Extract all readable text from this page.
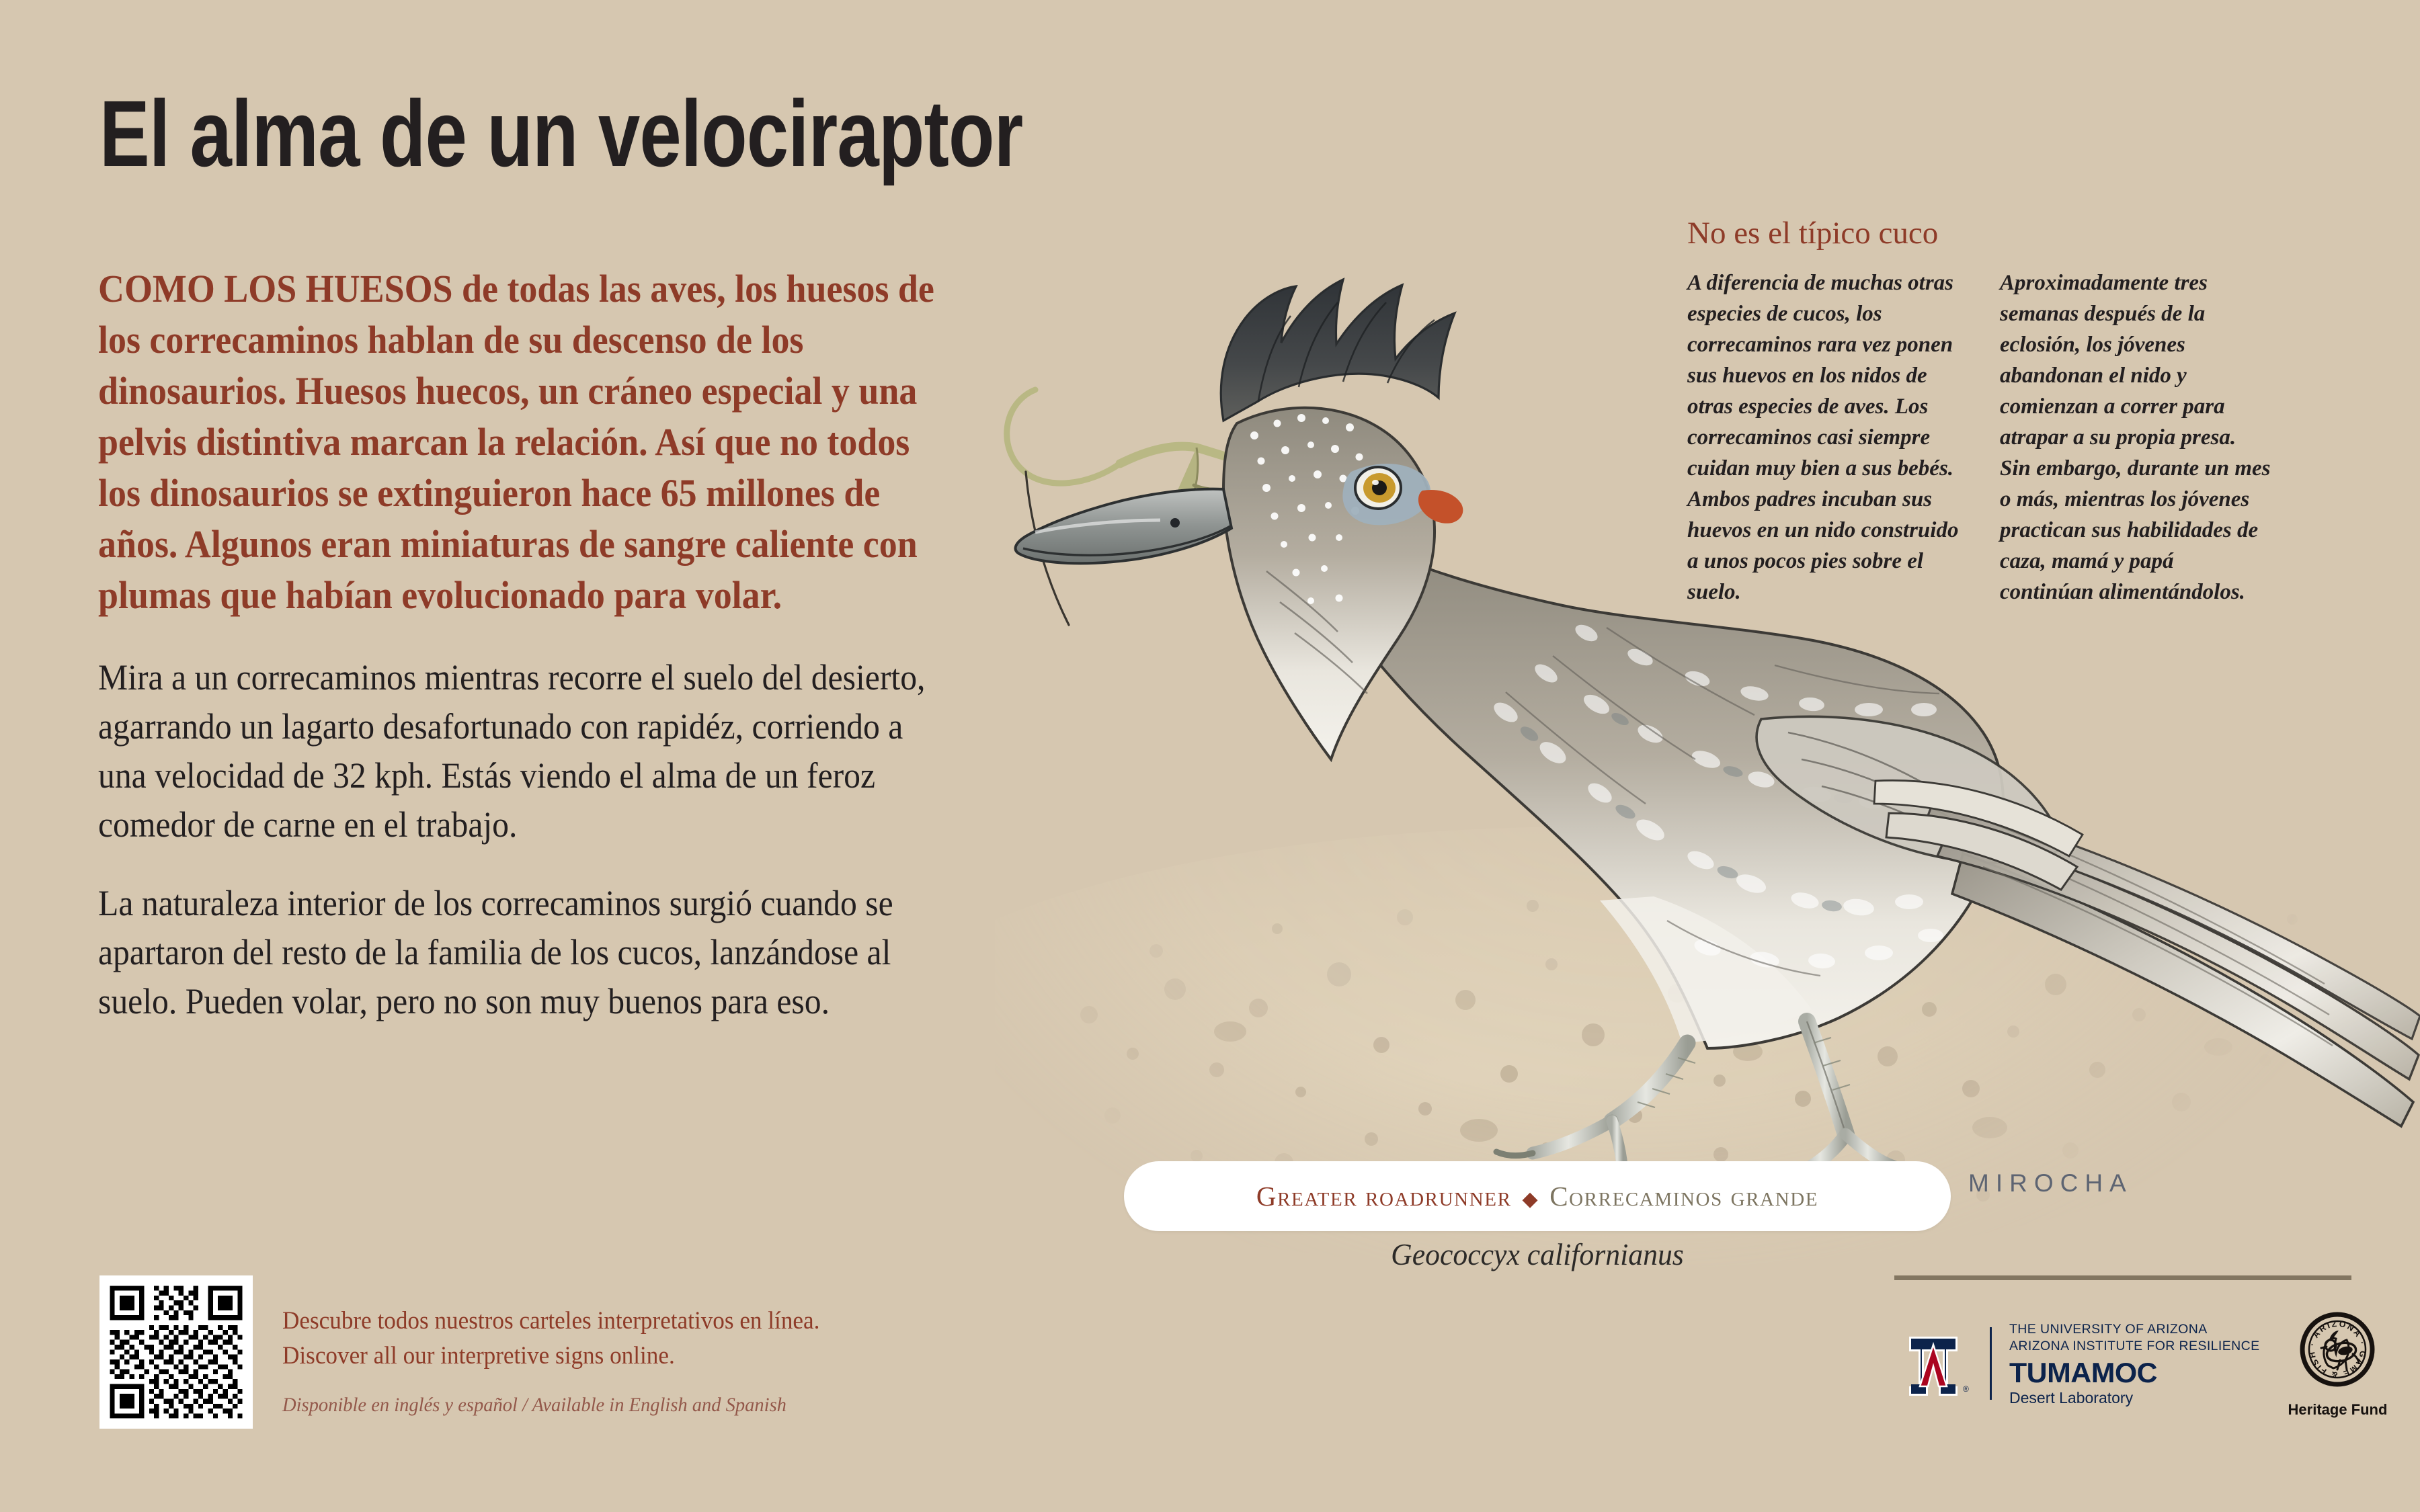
El alma de un velociraptor

COMO LOS HUESOS de todas las aves, los huesos de los correcaminos hablan de su descenso de los dinosaurios. Huesos huecos, un cráneo especial y una pelvis distintiva marcan la relación. Así que no todos los dinosaurios se extinguieron hace 65 millones de años. Algunos eran miniaturas de sangre caliente con plumas que habían evolucionado para volar.

Mira a un correcaminos mientras recorre el suelo del desierto, agarrando un lagarto desafortunado con rapidéz, corriendo a una velocidad de 32 kph. Estás viendo el alma de un feroz comedor de carne en el trabajo.

La naturaleza interior de los correcaminos surgió cuando se apartaron del resto de la familia de los cucos, lanzándose al suelo. Pueden volar, pero no son muy buenos para eso.

Greater roadrunner ◆ Correcaminos grande
Geococcyx californianus
MIROCHA
No es el típico cuco

A diferencia de muchas otras especies de cucos, los correcaminos rara vez ponen sus huevos en los nidos de otras especies de aves. Los correcaminos casi siempre cuidan muy bien a sus bebés. Ambos padres incuban sus huevos en un nido construido a unos pocos pies sobre el suelo.

Aproximadamente tres semanas después de la eclosión, los jóvenes abandonan el nido y comienzan a correr para atrapar a su propia presa. Sin embargo, durante un mes o más, mientras los jóvenes practican sus habilidades de caza, mamá y papá continúan alimentándolos.

Descubre todos nuestros carteles interpretativos en línea.
Discover all our interpretive signs online.
Disponible en inglés y español / Available in English and Spanish
®
THE UNIVERSITY OF ARIZONA
ARIZONA INSTITUTE FOR RESILIENCE
TUMAMOC
Desert Laboratory
· ARIZONA ·
GAME & FISH
Heritage Fund
